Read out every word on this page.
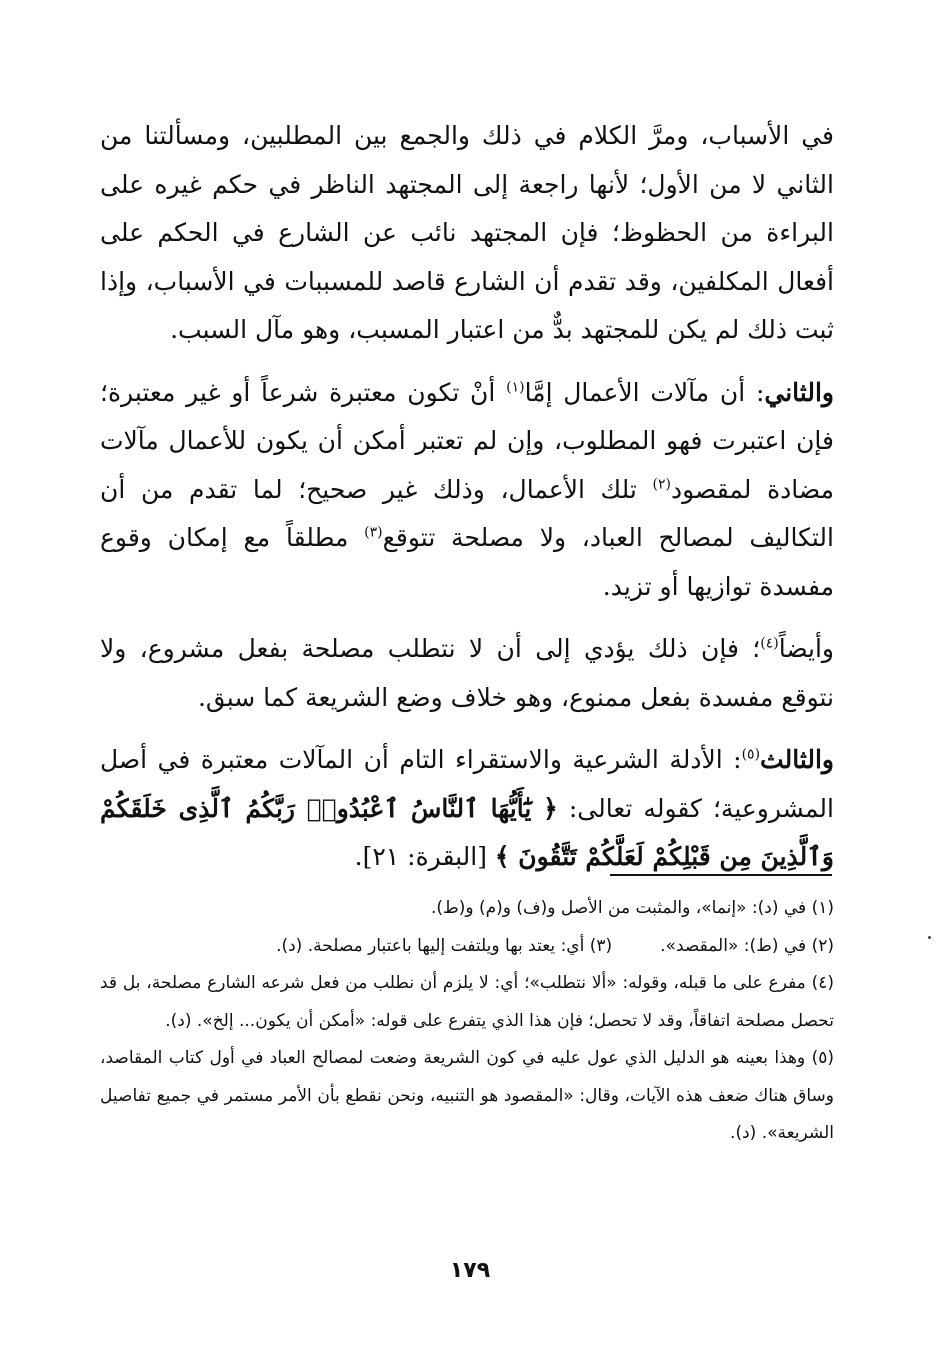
في الأسباب، ومرَّ الكلام في ذلك والجمع بين المطلبين، ومسألتنا من الثاني لا من الأول؛ لأنها راجعة إلى المجتهد الناظر في حكم غيره على البراءة من الحظوظ؛ فإن المجتهد نائب عن الشارع في الحكم على أفعال المكلفين، وقد تقدم أن الشارع قاصد للمسببات في الأسباب، وإذا ثبت ذلك لم يكن للمجتهد بدٌّ من اعتبار المسبب، وهو مآل السبب.

والثاني: أن مآلات الأعمال إمَّا$^{(١)}$ أنْ تكون معتبرة شرعاً أو غير معتبرة؛ فإن اعتبرت فهو المطلوب، وإن لم تعتبر أمكن أن يكون للأعمال مآلات مضادة لمقصود$^{(٢)}$ تلك الأعمال، وذلك غير صحيح؛ لما تقدم من أن التكاليف لمصالح العباد، ولا مصلحة تتوقع$^{(٣)}$ مطلقاً مع إمكان وقوع مفسدة توازيها أو تزيد.

وأيضاً$^{(٤)}$؛ فإن ذلك يؤدي إلى أن لا نتطلب مصلحة بفعل مشروع، ولا نتوقع مفسدة بفعل ممنوع، وهو خلاف وضع الشريعة كما سبق.

والثالث$^{(٥)}$: الأدلة الشرعية والاستقراء التام أن المآلات معتبرة في أصل المشروعية؛ كقوله تعالى: ﴿ يَٰٓأَيُّهَا ٱلنَّاسُ ٱعْبُدُوا۟ رَبَّكُمُ ٱلَّذِى خَلَقَكُمْ وَٱلَّذِينَ مِن قَبْلِكُمْ لَعَلَّكُمْ تَتَّقُونَ ﴾ [البقرة: ٢١].

(١) في (د): «إنما»، والمثبت من الأصل و(ف) و(م) و(ط).

(٢) في (ط): «المقصد».
(٣) أي: يعتد بها ويلتفت إليها باعتبار مصلحة. (د).

(٤) مفرع على ما قبله، وقوله: «ألا نتطلب»؛ أي: لا يلزم أن نطلب من فعل شرعه الشارع مصلحة، بل قد تحصل مصلحة اتفاقاً، وقد لا تحصل؛ فإن هذا الذي يتفرع على قوله: «أمكن أن يكون... إلخ». (د).

(٥) وهذا بعينه هو الدليل الذي عول عليه في كون الشريعة وضعت لمصالح العباد في أول كتاب المقاصد، وساق هناك ضعف هذه الآيات، وقال: «المقصود هو التنبيه، ونحن نقطع بأن الأمر مستمر في جميع تفاصيل الشريعة». (د).

١٧٩
